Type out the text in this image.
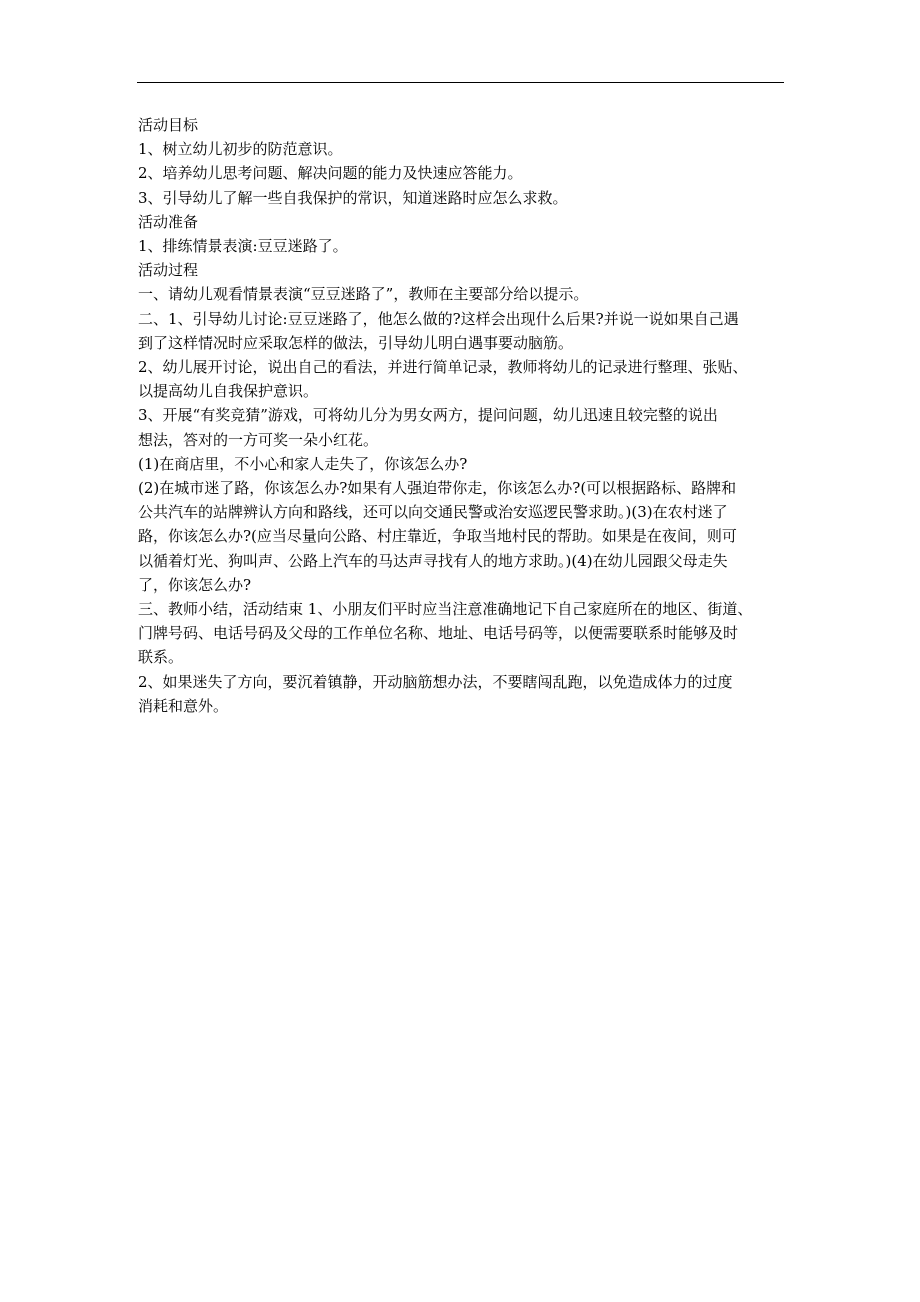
活动目标

1、树立幼儿初步的防范意识。

2、培养幼儿思考问题、解决问题的能力及快速应答能力。

3、引导幼儿了解一些自我保护的常识，知道迷路时应怎么求救。

活动准备

1、排练情景表演:豆豆迷路了。

活动过程

一、请幼儿观看情景表演“豆豆迷路了”，教师在主要部分给以提示。

二、1、引导幼儿讨论:豆豆迷路了，他怎么做的?这样会出现什么后果?并说一说如果自己遇

到了这样情况时应采取怎样的做法，引导幼儿明白遇事要动脑筋。

2、幼儿展开讨论，说出自己的看法，并进行简单记录，教师将幼儿的记录进行整理、张贴、

以提高幼儿自我保护意识。

3、开展“有奖竞猜”游戏，可将幼儿分为男女两方，提问问题，幼儿迅速且较完整的说出

想法，答对的一方可奖一朵小红花。

(1)在商店里，不小心和家人走失了，你该怎么办?

(2)在城市迷了路，你该怎么办?如果有人强迫带你走，你该怎么办?(可以根据路标、路牌和

公共汽车的站牌辨认方向和路线，还可以向交通民警或治安巡逻民警求助。)(3)在农村迷了

路，你该怎么办?(应当尽量向公路、村庄靠近，争取当地村民的帮助。如果是在夜间，则可

以循着灯光、狗叫声、公路上汽车的马达声寻找有人的地方求助。)(4)在幼儿园跟父母走失

了，你该怎么办?

三、教师小结，活动结束 1、小朋友们平时应当注意准确地记下自己家庭所在的地区、街道、

门牌号码、电话号码及父母的工作单位名称、地址、电话号码等，以便需要联系时能够及时

联系。

2、如果迷失了方向，要沉着镇静，开动脑筋想办法，不要瞎闯乱跑，以免造成体力的过度

消耗和意外。
